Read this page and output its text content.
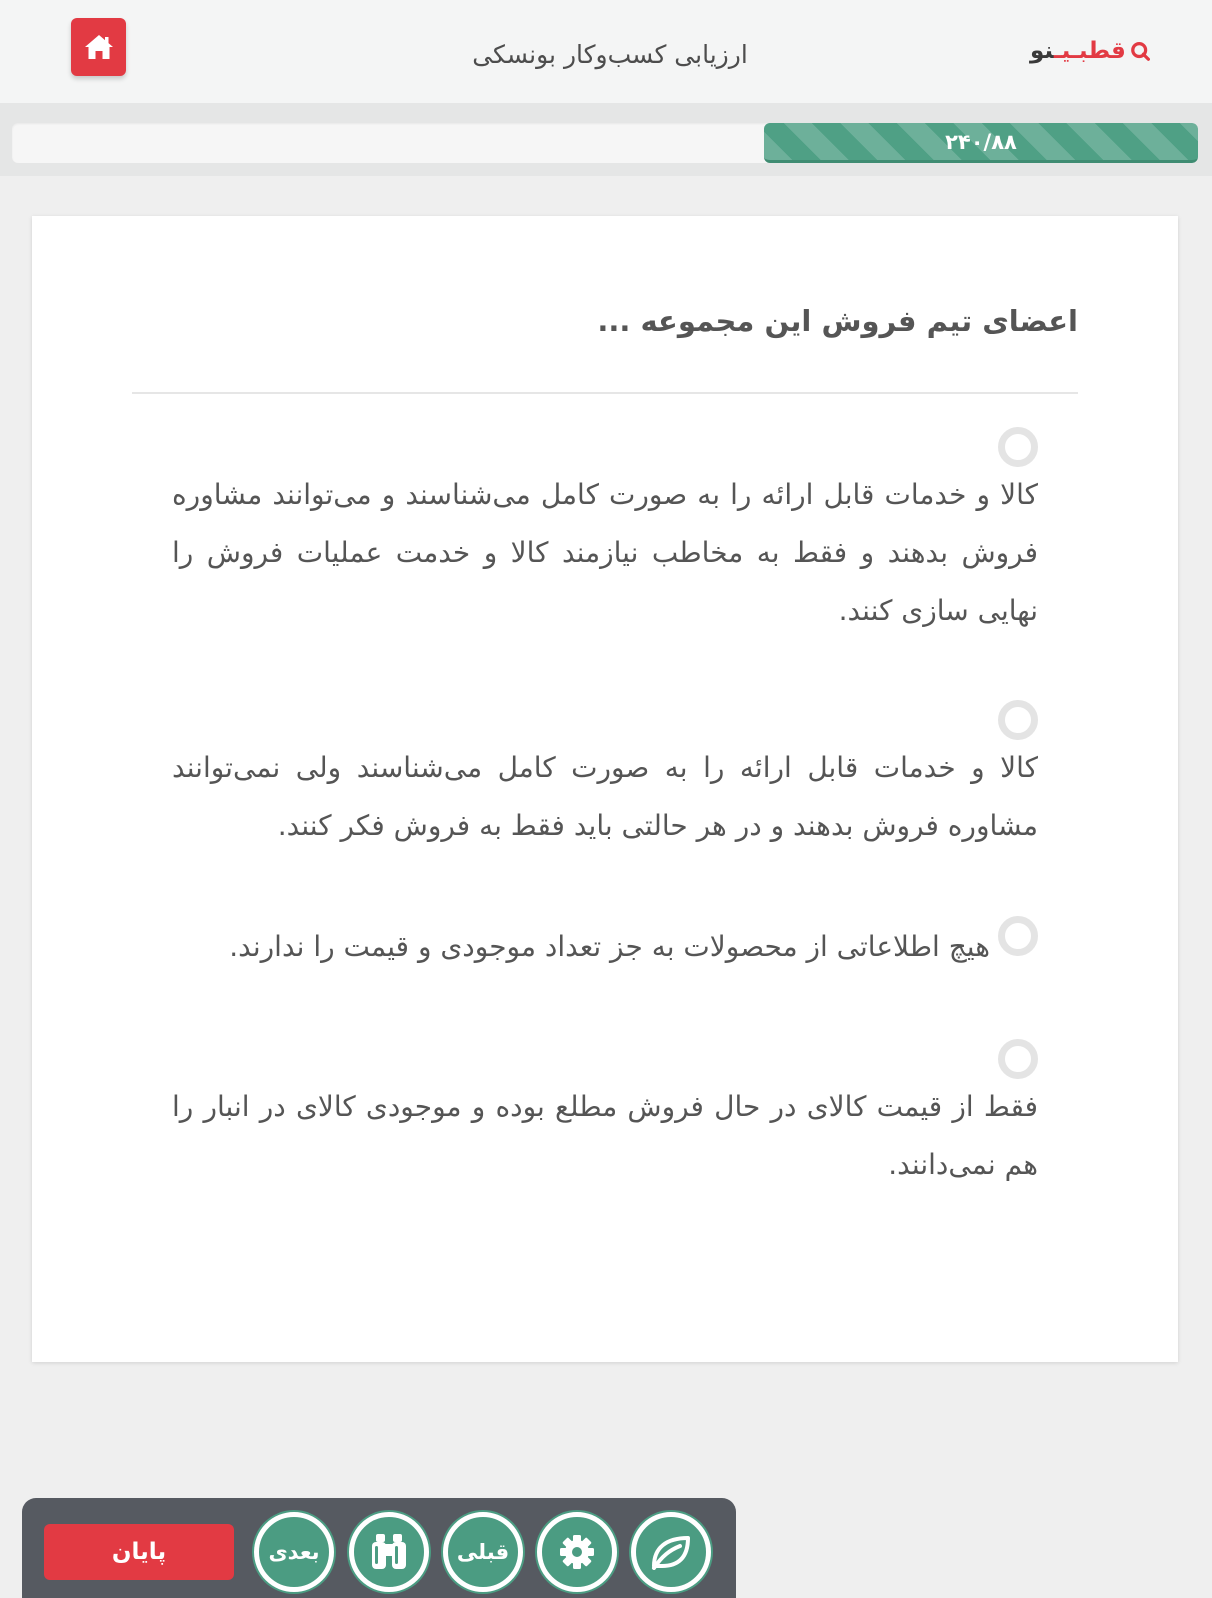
ارزیابی کسب‌وکار بونسکی	قطبـیـنو
۲۴۰/۸۸
اعضای تیم فروش این مجموعه ...
کالا و خدمات قابل ارائه را به صورت کامل می‌شناسند و می‌توانند مشاوره فروش بدهند و فقط به مخاطب نیازمند کالا و خدمت عملیات فروش را نهایی سازی کنند.
کالا و خدمات قابل ارائه را به صورت کامل می‌شناسند ولی نمی‌توانند مشاوره فروش بدهند و در هر حالتی باید فقط به فروش فکر کنند.
هیچ اطلاعاتی از محصولات به جز تعداد موجودی و قیمت را ندارند.
فقط از قیمت کالای در حال فروش مطلع بوده و موجودی کالای در انبار را هم نمی‌دانند.
پایان	بعدی	قبلی
